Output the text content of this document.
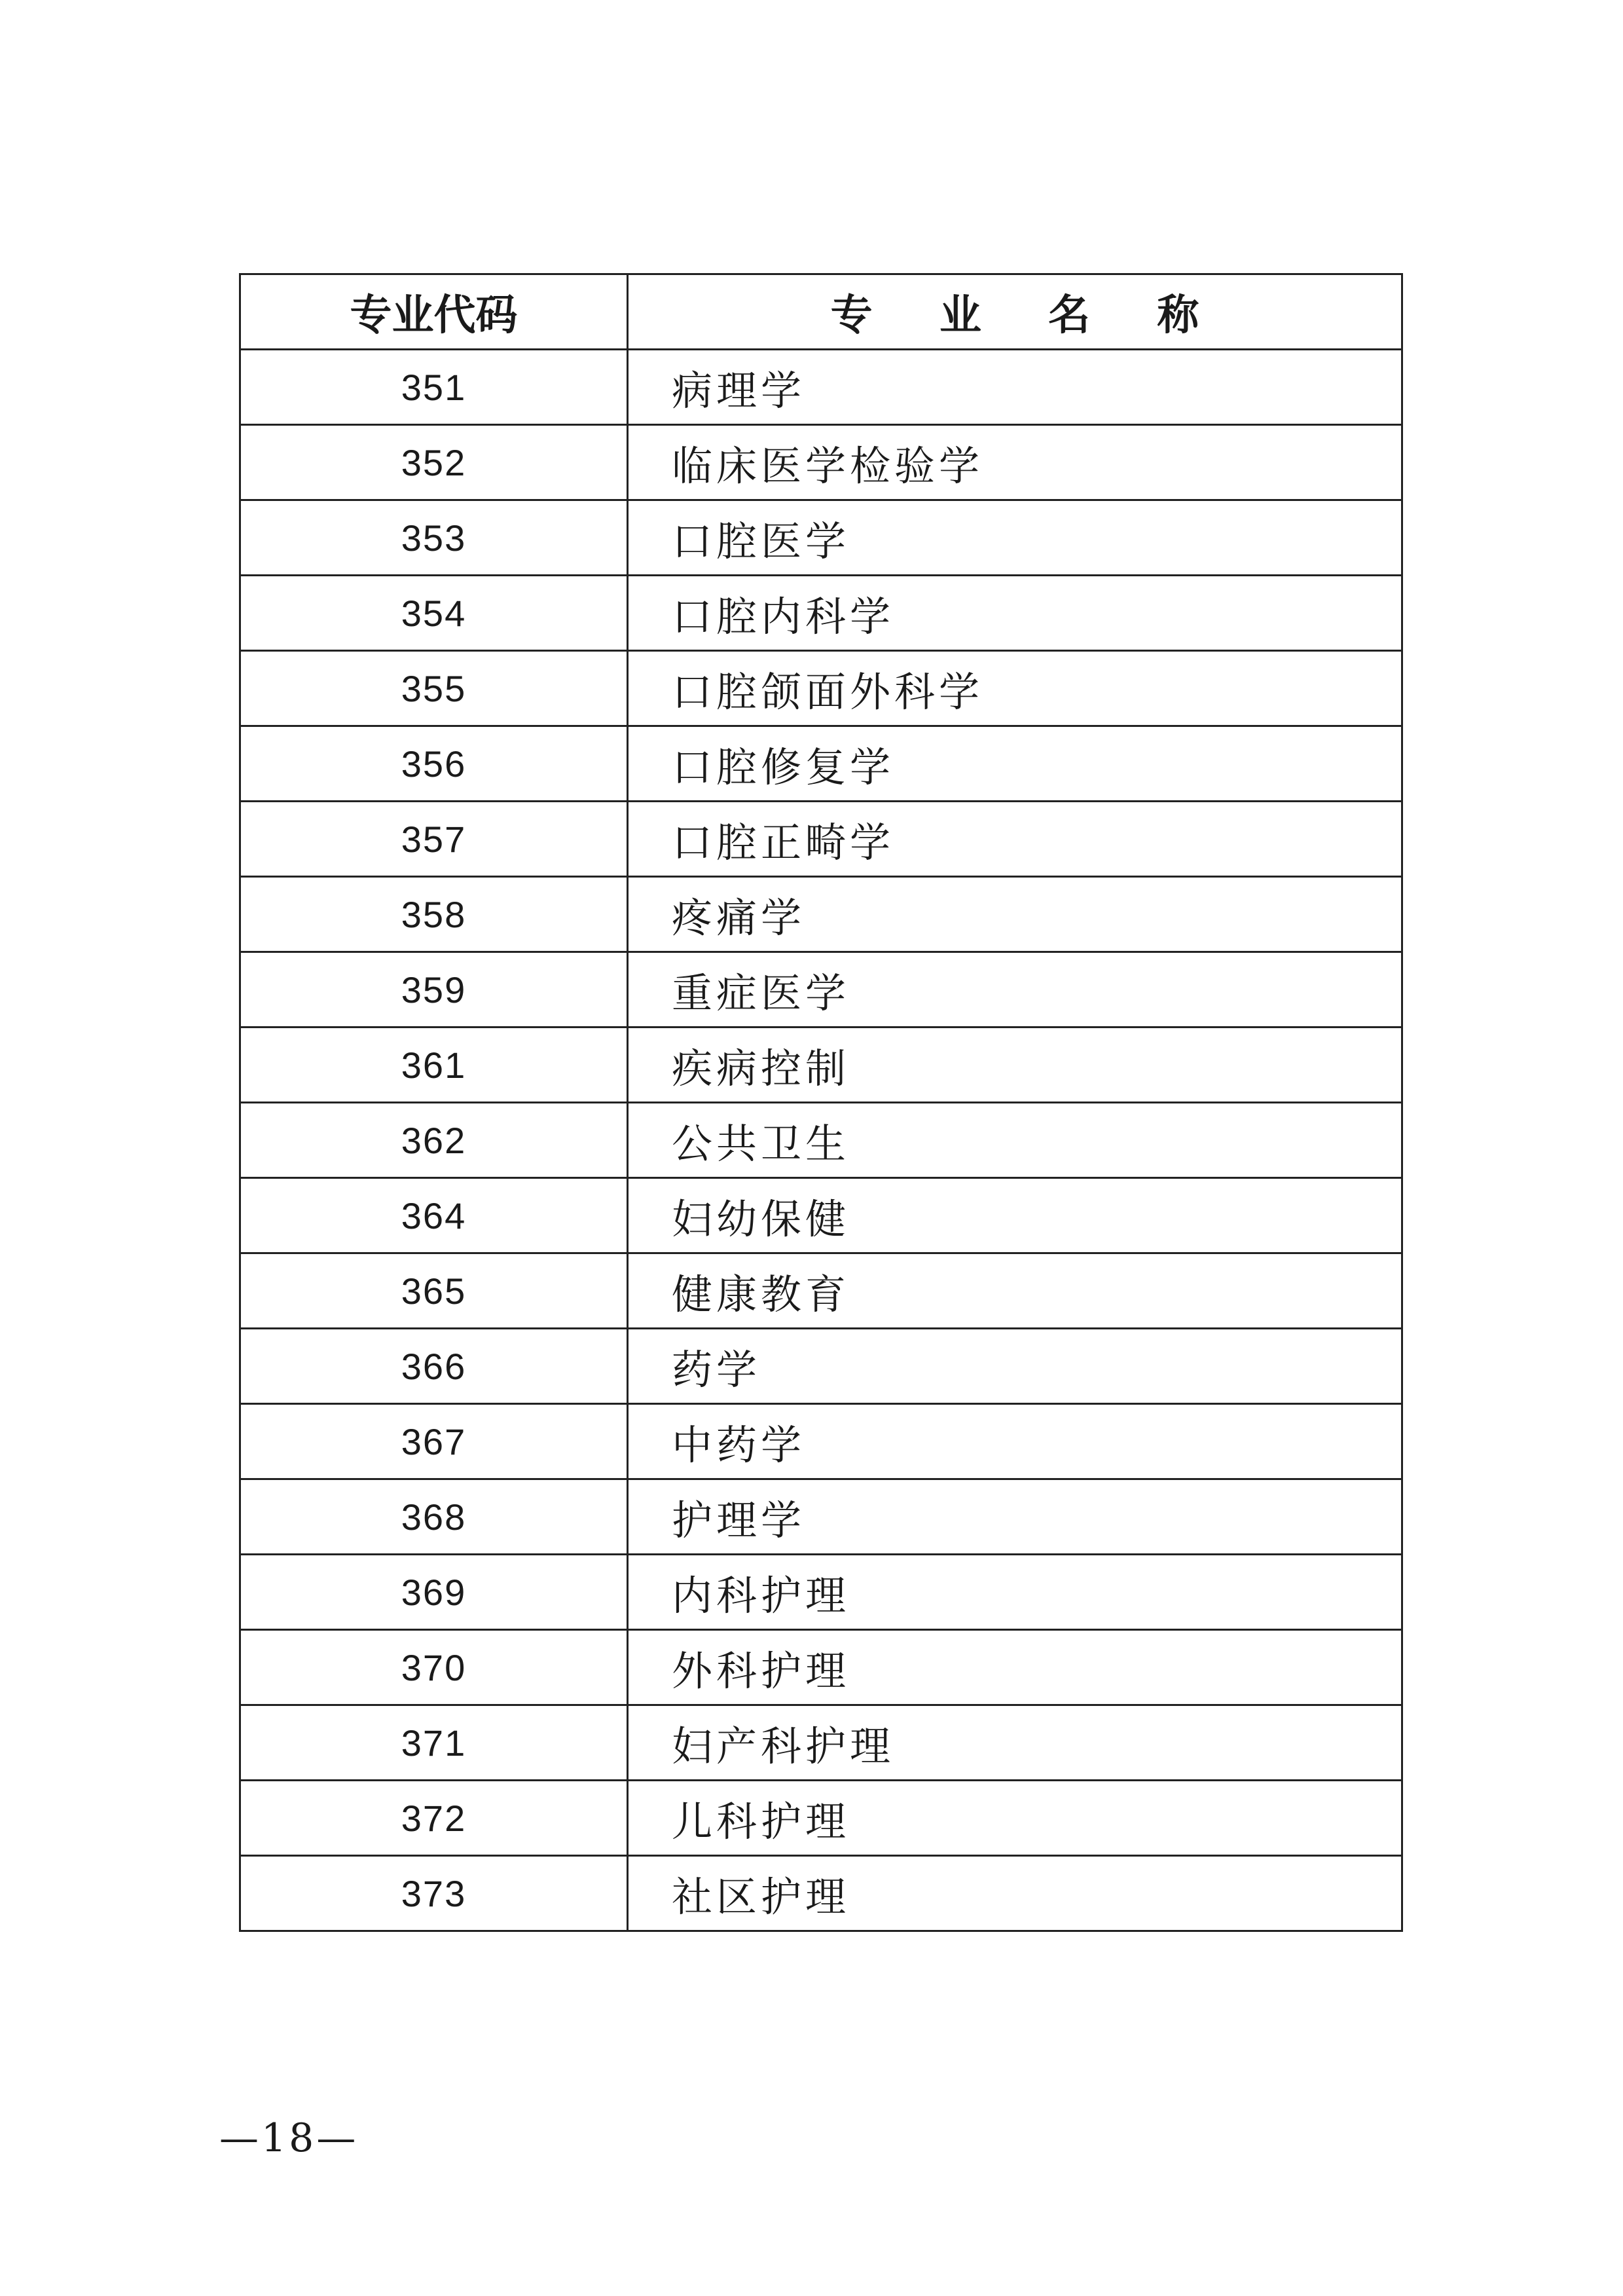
专业代码	专 业 名 称
351	病理学
352	临床医学检验学
353	口腔医学
354	口腔内科学
355	口腔颌面外科学
356	口腔修复学
357	口腔正畸学
358	疼痛学
359	重症医学
361	疾病控制
362	公共卫生
364	妇幼保健
365	健康教育
366	药学
367	中药学
368	护理学
369	内科护理
370	外科护理
371	妇产科护理
372	儿科护理
373	社区护理
—18—
